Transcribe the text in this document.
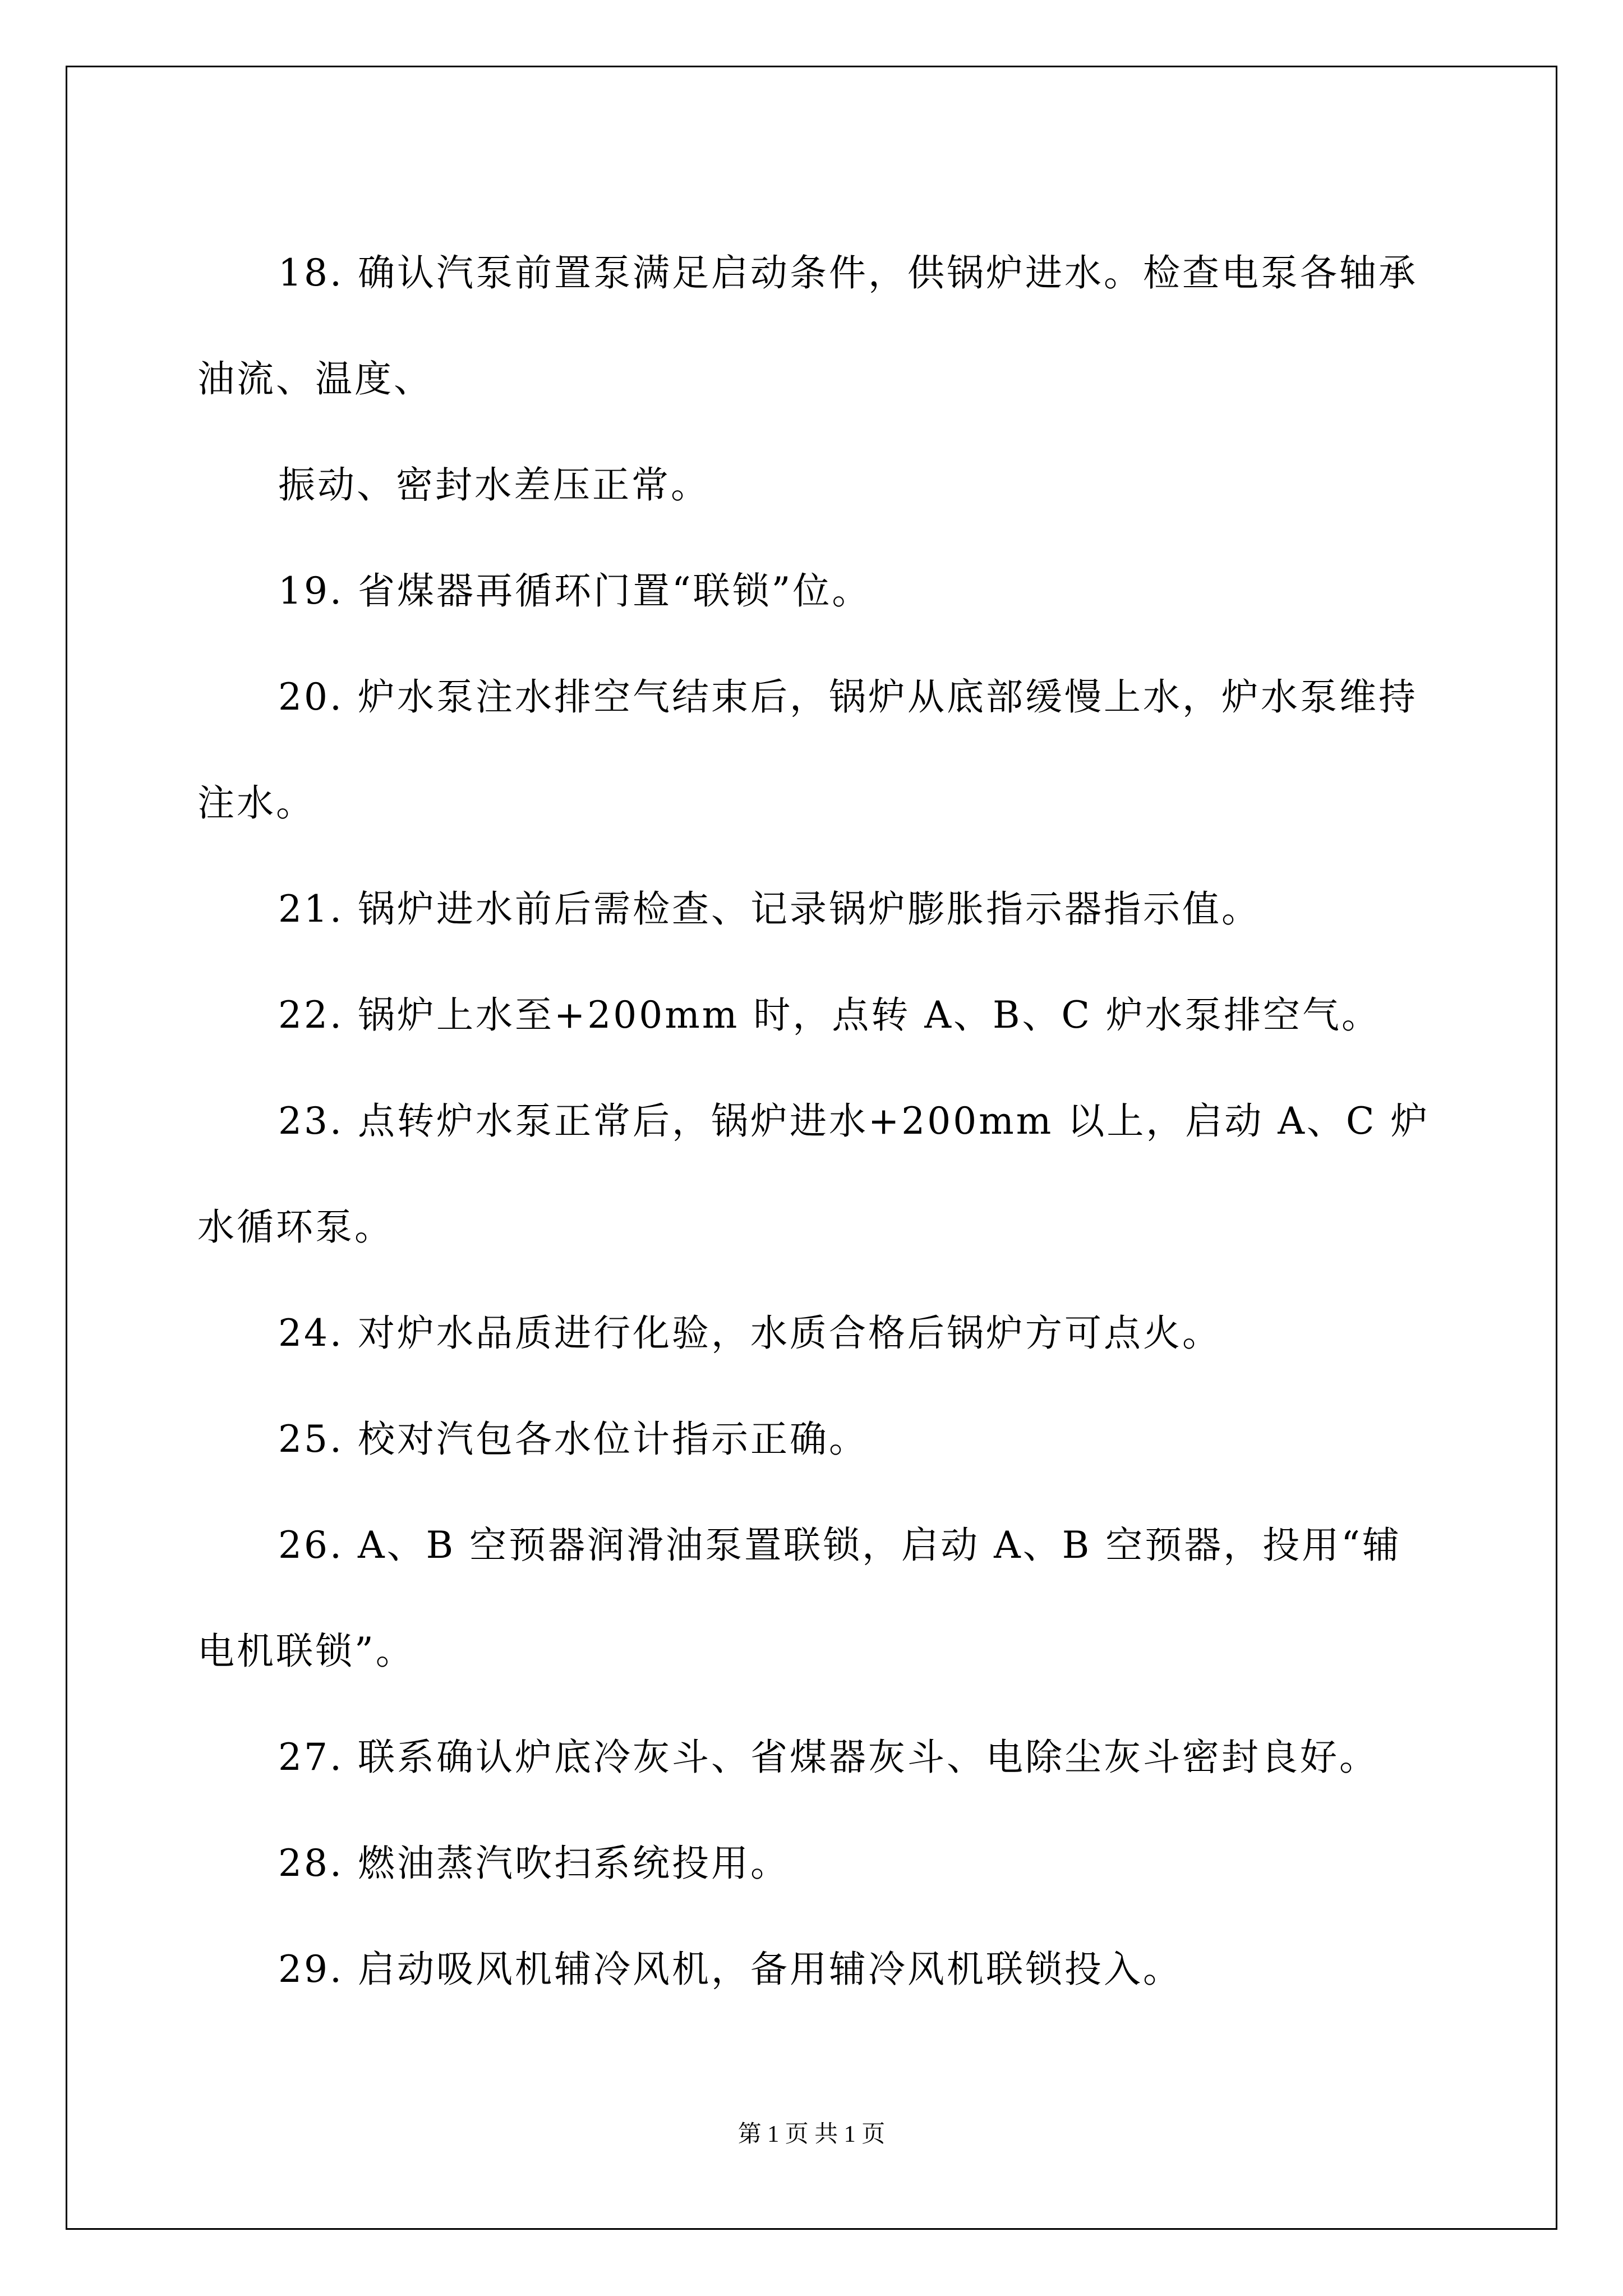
18. 确认汽泵前置泵满足启动条件，供锅炉进水。检查电泵各轴承油流、温度、

振动、密封水差压正常。

19. 省煤器再循环门置“联锁”位。

20. 炉水泵注水排空气结束后，锅炉从底部缓慢上水，炉水泵维持注水。

21. 锅炉进水前后需检查、记录锅炉膨胀指示器指示值。

22. 锅炉上水至+200mm 时，点转 A、B、C 炉水泵排空气。

23. 点转炉水泵正常后，锅炉进水+200mm 以上，启动 A、C 炉水循环泵。

24. 对炉水品质进行化验，水质合格后锅炉方可点火。

25. 校对汽包各水位计指示正确。

26. A、B 空预器润滑油泵置联锁，启动 A、B 空预器，投用“辅电机联锁”。

27. 联系确认炉底冷灰斗、省煤器灰斗、电除尘灰斗密封良好。

28. 燃油蒸汽吹扫系统投用。

29. 启动吸风机辅冷风机，备用辅冷风机联锁投入。

第 1 页 共 1 页
